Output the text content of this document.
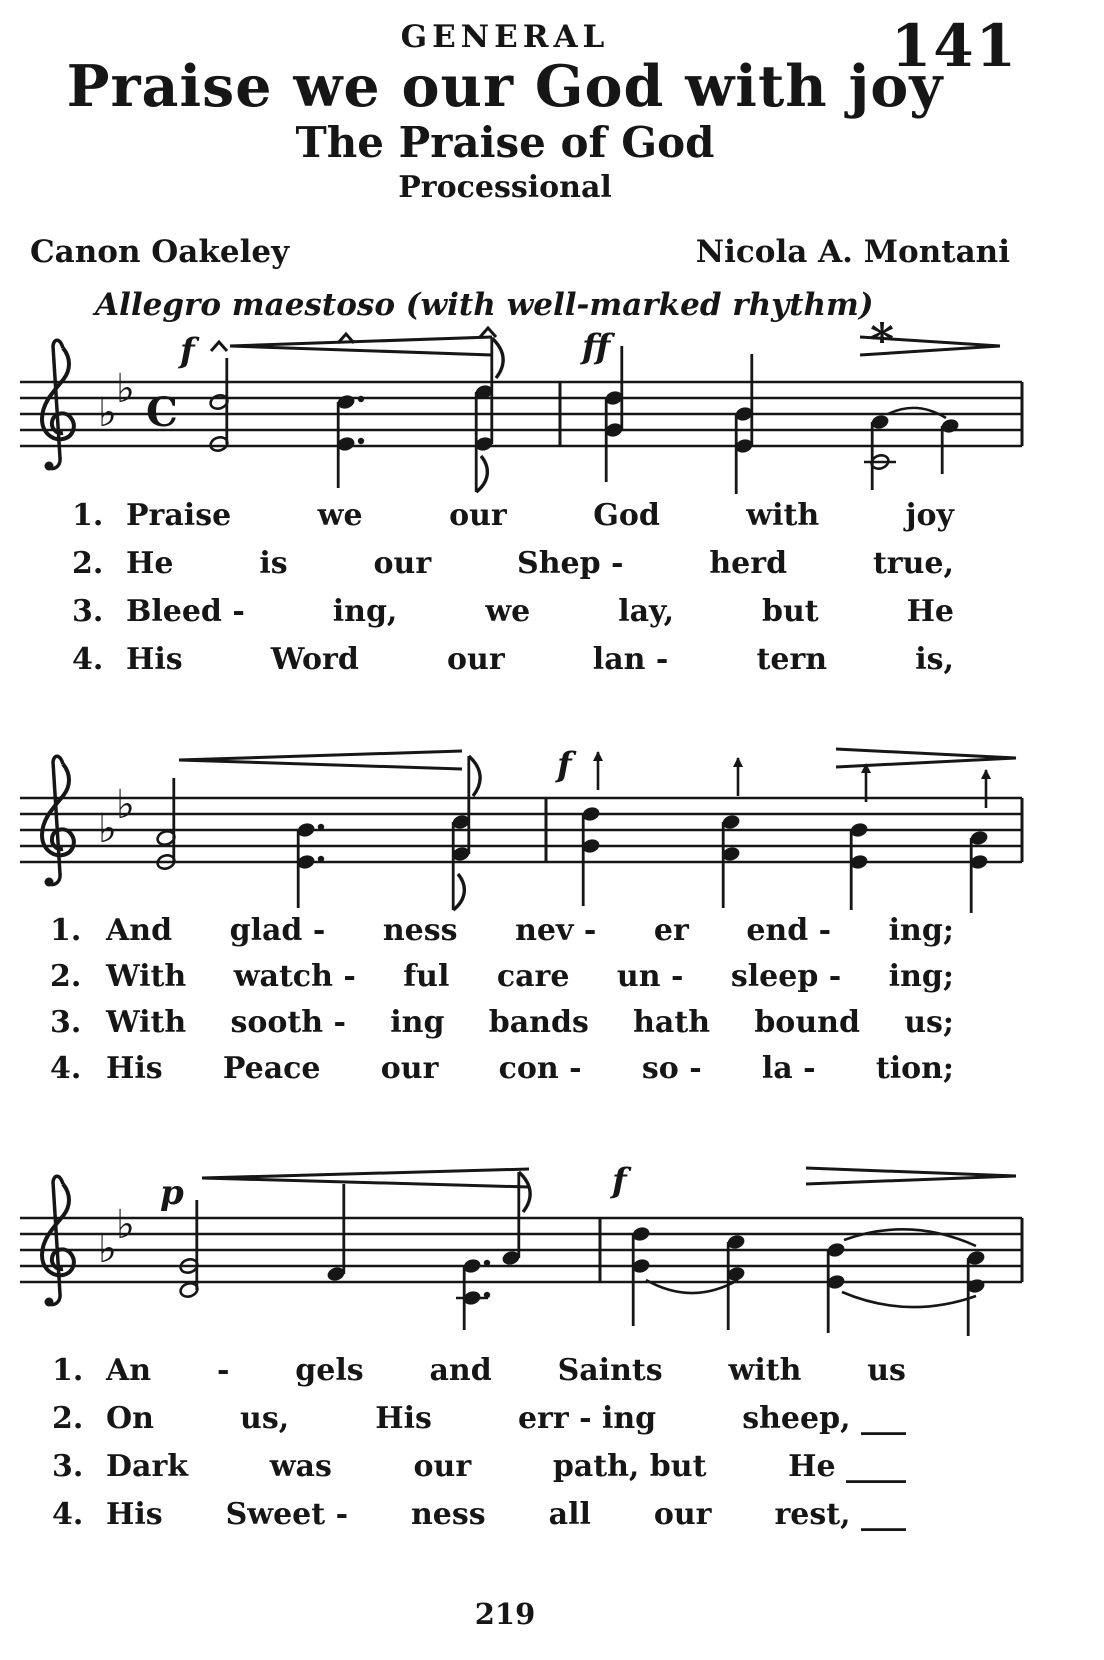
141
GENERAL
Praise we our God with joy
The Praise of God
Processional
Canon Oakeley	Nicola A. Montani
Allegro maestoso (with well-marked rhythm)
♭
♭ C
*
f	ff
1. Praise	we	our	God	with	joy
2. He	is	our	Shep -	herd	true,
3. Bleed -	ing,	we	lay,	but	He
4. His	Word	our	lan -	tern	is,
♭
♭
f
1. And glad - ness nev - er end - ing;
2. With watch - ful care un - sleep - ing;
3. With sooth - ing bands hath bound us;
4. His Peace our con - so - la - tion;
♭
♭
p	f
1. An - gels and Saints with us
2. On	us,	His	err - ing	sheep, ___
3. Dark	was	our	path, but	He ____
4. His Sweet - ness all our rest, ___
219
